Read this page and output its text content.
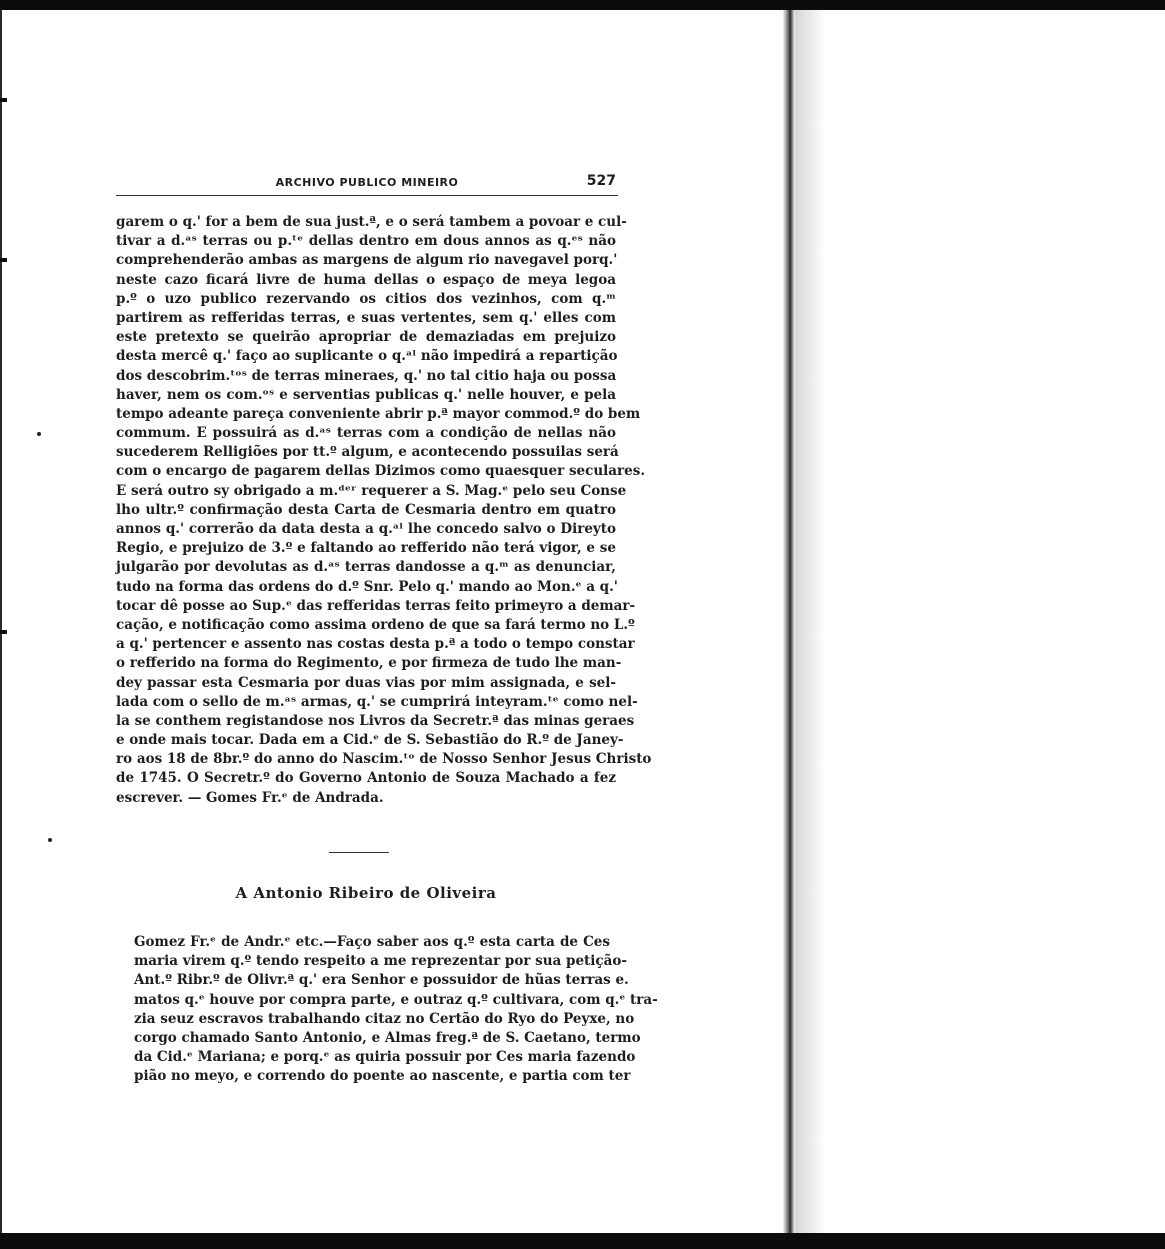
ARCHIVO PUBLICO MINEIRO	527
garem o q.' for a bem de sua just.ª, e o será tambem a povoar e cul-
tivar a d.ᵃˢ terras ou p.ᵗᵉ dellas dentro em dous annos as q.ᵉˢ não
comprehenderão ambas as margens de algum rio navegavel porq.'
neste cazo ficará livre de huma dellas o espaço de meya legoa
p.º o uzo publico rezervando os citios dos vezinhos, com q.ᵐ
partirem as refferidas terras, e suas vertentes, sem q.' elles com
este pretexto se queirão apropriar de demaziadas em prejuizo
desta mercê q.' faço ao suplicante o q.ᵃˡ não impedirá a repartição
dos descobrim.ᵗᵒˢ de terras mineraes, q.' no tal citio haja ou possa
haver, nem os com.ᵒˢ e serventias publicas q.' nelle houver, e pela
tempo adeante pareça conveniente abrir p.ª mayor commod.º do bem
commum. E possuirá as d.ᵃˢ terras com a condição de nellas não
sucederem Relligiões por tt.º algum, e acontecendo possuilas será
com o encargo de pagarem dellas Dizimos como quaesquer seculares.
E será outro sy obrigado a m.ᵈᵉʳ requerer a S. Mag.ᵉ pelo seu Conse
lho ultr.º confirmação desta Carta de Cesmaria dentro em quatro
annos q.' correrão da data desta a q.ᵃˡ lhe concedo salvo o Direyto
Regio, e prejuizo de 3.º e faltando ao refferido não terá vigor, e se
julgarão por devolutas as d.ᵃˢ terras dandosse a q.ᵐ as denunciar,
tudo na forma das ordens do d.º Snr. Pelo q.' mando ao Mon.ᵉ a q.'
tocar dê posse ao Sup.ᵉ das refferidas terras feito primeyro a demar-
cação, e notificação como assima ordeno de que sa fará termo no L.º
a q.' pertencer e assento nas costas desta p.ª a todo o tempo constar
o refferido na forma do Regimento, e por firmeza de tudo lhe man-
dey passar esta Cesmaria por duas vias por mim assignada, e sel-
lada com o sello de m.ᵃˢ armas, q.' se cumprirá inteyram.ᵗᵉ como nel-
la se conthem registandose nos Livros da Secretr.ª das minas geraes
e onde mais tocar. Dada em a Cid.ᵉ de S. Sebastião do R.º de Janey-
ro aos 18 de 8br.º do anno do Nascim.ᵗᵒ de Nosso Senhor Jesus Christo
de 1745. O Secretr.º do Governo Antonio de Souza Machado a fez
escrever. — Gomes Fr.ᵉ de Andrada.
A Antonio Ribeiro de Oliveira
Gomez Fr.ᵉ de Andr.ᵉ etc.—Faço saber aos q.º esta carta de Ces
maria virem q.º tendo respeito a me reprezentar por sua petição-
Ant.º Ribr.º de Olivr.ª q.' era Senhor e possuidor de hũas terras e.
matos q.ᵉ houve por compra parte, e outraz q.º cultivara, com q.ᵉ tra-
zia seuz escravos trabalhando citaz no Certão do Ryo do Peyxe, no
corgo chamado Santo Antonio, e Almas freg.ª de S. Caetano, termo
da Cid.ᵉ Mariana; e porq.ᵉ as quiria possuir por Ces maria fazendo
pião no meyo, e correndo do poente ao nascente, e partia com ter
